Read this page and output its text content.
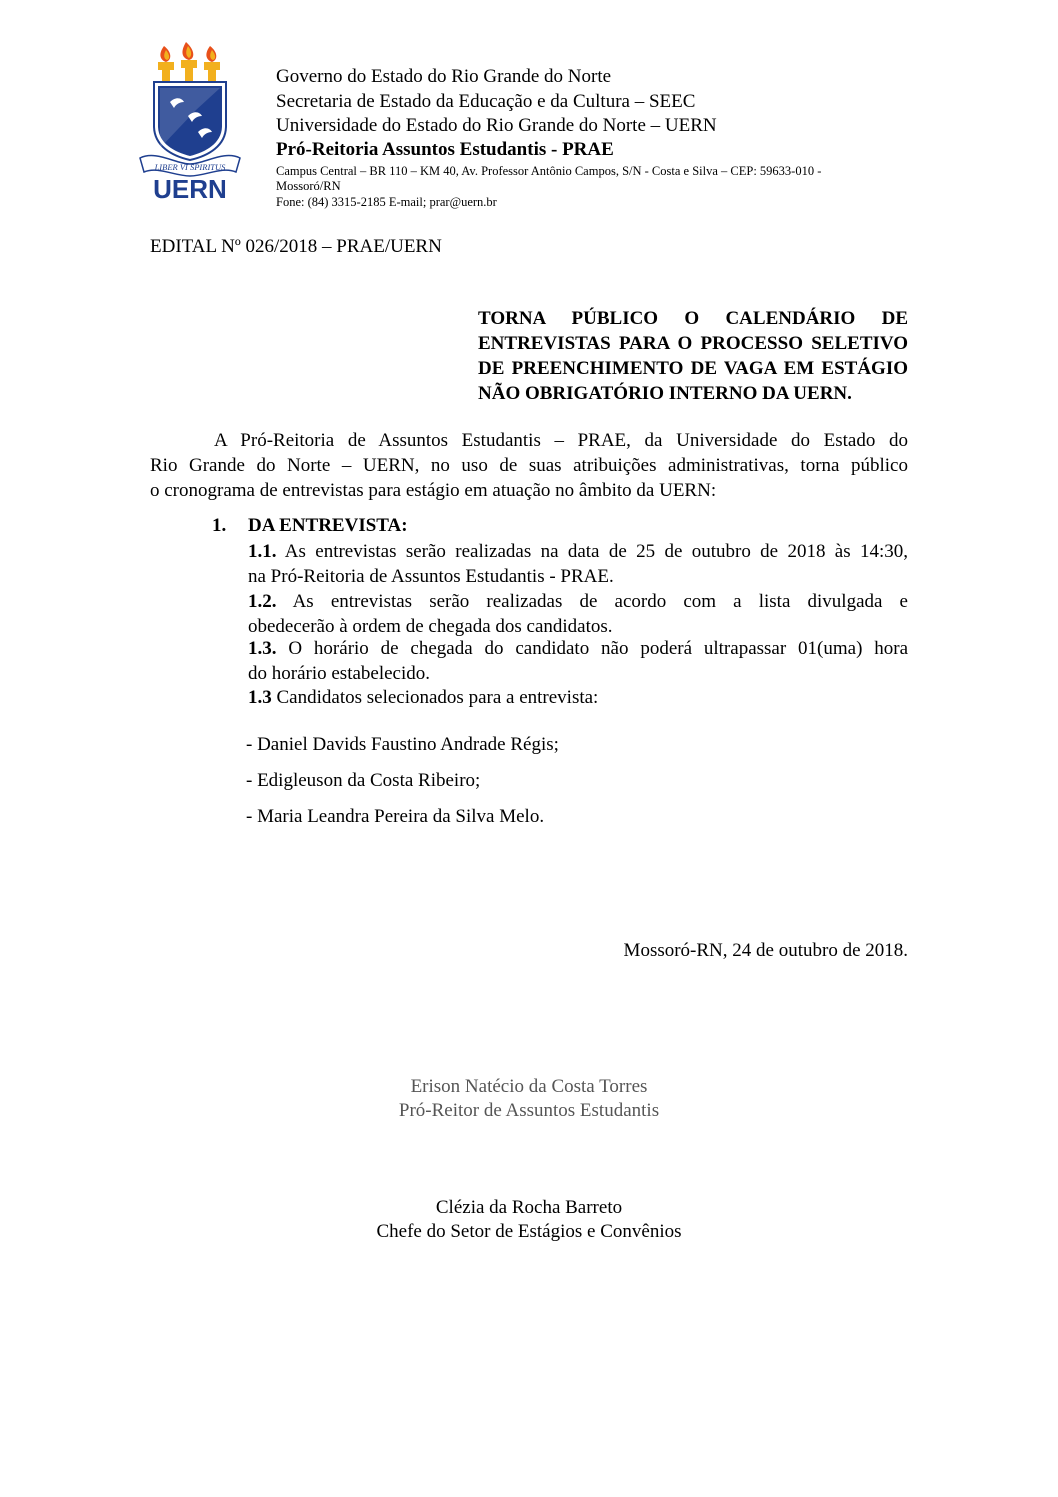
LIBER VI SPIRITUS
UERN
Governo do Estado do Rio Grande do Norte
Secretaria de Estado da Educação e da Cultura – SEEC
Universidade do Estado do Rio Grande do Norte – UERN
Pró-Reitoria Assuntos Estudantis - PRAE
Campus Central – BR 110 – KM 40, Av. Professor Antônio Campos, S/N - Costa e Silva – CEP: 59633-010 -
Mossoró/RN
Fone: (84) 3315-2185 E-mail; prar@uern.br
EDITAL Nº 026/2018 – PRAE/UERN
TORNA PÚBLICO O CALENDÁRIO DE
ENTREVISTAS PARA O PROCESSO SELETIVO
DE PREENCHIMENTO DE VAGA EM ESTÁGIO
NÃO OBRIGATÓRIO INTERNO DA UERN.
A Pró-Reitoria de Assuntos Estudantis – PRAE, da Universidade do Estado do
Rio Grande do Norte – UERN, no uso de suas atribuições administrativas, torna público
o cronograma de entrevistas para estágio em atuação no âmbito da UERN:
1. DA ENTREVISTA:
1.1. As entrevistas serão realizadas na data de 25 de outubro de 2018 às 14:30,
na Pró-Reitoria de Assuntos Estudantis - PRAE.
1.2. As entrevistas serão realizadas de acordo com a lista divulgada e
obedecerão à ordem de chegada dos candidatos.
1.3. O horário de chegada do candidato não poderá ultrapassar 01(uma) hora
do horário estabelecido.
1.3 Candidatos selecionados para a entrevista:
- Daniel Davids Faustino Andrade Régis;
- Edigleuson da Costa Ribeiro;
- Maria Leandra Pereira da Silva Melo.
Mossoró-RN, 24 de outubro de 2018.
Erison Natécio da Costa Torres
Pró-Reitor de Assuntos Estudantis
Clézia da Rocha Barreto
Chefe do Setor de Estágios e Convênios
